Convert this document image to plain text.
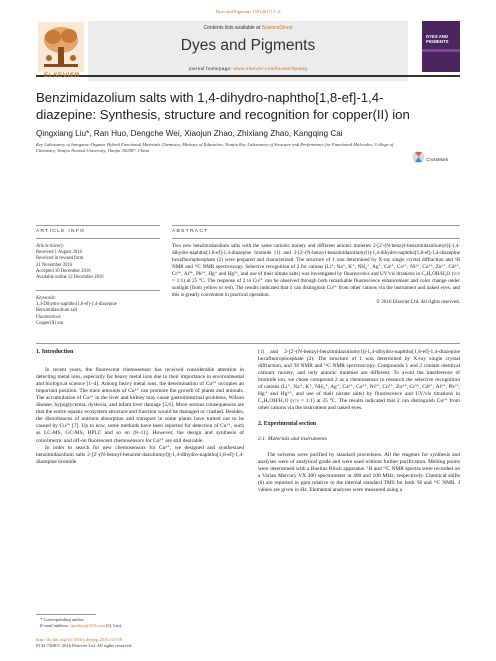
Dyes and Pigments 139 (2017) 1–6
Contents lists available at ScienceDirect
Dyes and Pigments
journal homepage: www.elsevier.com/locate/dyepig
ELSEVIER
DYES AND PIGMENTS
Benzimidazolium salts with 1,4-dihydro-naphtho[1,8-ef]-1,4-diazepine: Synthesis, structure and recognition for copper(II) ion
CrossMark
Qingxiang Liu*, Ran Huo, Dengche Wei, Xiaojun Zhao, Zhixiang Zhao, Kangqing Cai
Key Laboratory of Inorganic-Organic Hybrid Functional Materials Chemistry, Ministry of Education, Tianjin Key Laboratory of Structure and Performance for Functional Molecules, College of Chemistry, Tianjin Normal University, Tianjin 300387, China
ARTICLE INFO	ABSTRACT
Article history:
Received 1 August 2016
Received in revised form
21 November 2016
Accepted 10 December 2016
Available online 12 December 2016
Keywords:
1,4-Dihydro-naphtho[1,8-ef]-1,4-diazepine
Benzimidazolium salt
Fluorescence
Copper(II) ion
Two new benzimidazolium salts with the same cationic moiety and different anionic moieties 2-[2′-(N-benzyl-benzimidazoliumyl)]-1,4-dihydro-naphtho[1,8-ef]-1,4-diazepine bromide (1) and 2-[2′-(N-benzyl-benzimidazoliumyl)]-1,4-dihydro-naphtho[1,8-ef]-1,4-diazepine hexafluorophosphate (2) were prepared and characterized. The structure of 1 was determined by X-ray single crystal diffraction and ¹H NMR and ¹³C NMR spectroscopy. Selective recognition of 2 for cations (Li⁺, Na⁺, K⁺, NH₄⁺, Ag⁺, Ca²⁺, Co²⁺, Ni²⁺, Cu²⁺, Zn²⁺, Cd²⁺, Cr³⁺, Al³⁺, Pb²⁺, Hg⁺ and Hg²⁺, and use of their nitrate salts) was investigated by fluorescence and UV/vis titrations in C₂H₅OH/H₂O (v:v = 1:1) at 25 °C. The response of 2 to Cu²⁺ can be observed through both remarkable fluorescence enhancement and color change under sunlight (from yellow to red). The results indicated that 2 can distinguish Cu²⁺ from other cations via the instrument and naked eyes, and this is greatly convenient in practical operation.
© 2016 Elsevier Ltd. All rights reserved.
1. Introduction

In recent years, the fluorescent chemosensor has received considerable attention in detecting metal ions, especially for heavy metal ions due to their importance in environmental and biological science [1–4]. Among heavy metal ions, the determination of Cu²⁺ occupies an important position. The trace amounts of Cu²⁺ can promote the growth of plants and animals. The accumulation of Cu²⁺ in the liver and kidney may cause gastrointestinal problems, Wilson disease, hypoglycemia, dyslexia, and infant liver damage [5,6]. More serious consequences are that the entire aquatic ecosystem structure and function would be damaged or crashed. Besides, the disturbances of nutrient absorption and transport in some plants have turned out to be caused by Cu²⁺ [7]. Up to now, some methods have been reported for detection of Cu²⁺, such as LC-MS, GC-MS, HPLC and so on [8–11]. However, the design and synthesis of colorimetric and off-on fluorescent chemosensors for Cu²⁺ are still desirable.

In order to search for new chemosensors for Cu²⁺, we designed and synthesized benzimidazolium salts 2-[2′-(N-benzyl-benzimi-dazoliumyl)]-1,4-dihydro-naphtho[1,8-ef]-1,4-diazepine bromide

* Corresponding author.
E-mail address: tjnuliqx@163.com (Q. Liu).
http://dx.doi.org/10.1016/j.dyepig.2016.12.018
0143-7208/© 2016 Elsevier Ltd. All rights reserved.

(1) and 2-[2′-(N-benzyl-benzimidazoliumyl)]-1,4-dihydro-naphtho[1,8-ef]-1,4-diazepine hexafluorophosphate (2). The structure of 1 was determined by X-ray single crystal diffraction, and ¹H NMR and ¹³C NMR spectroscopy. Compounds 1 and 2 contain identical cationic moiety, and only anionic moieties are different. To avoid the interference of bromide ion, we chose compound 2 as a chemosensor to research the selective recognition of cations (Li⁺, Na⁺, K⁺, NH₄⁺, Ag⁺, Ca²⁺, Co²⁺, Ni²⁺, Cu²⁺, Zn²⁺, Cr³⁺, Cd²⁺, Al³⁺, Pb²⁺, Hg⁺ and Hg²⁺, and use of their nitrate salts) by fluorescence and UV/vis titrations in C₂H₅OH/H₂O (v:v = 1:1) at 25 °C. The results indicated that 2 can distinguish Cu²⁺ from other cations via the instrument and naked eyes.

2. Experimental section
2.1. Materials and instruments

The solvents were purified by standard procedures. All the reagents for synthesis and analyses were of analytical grade and were used without further purification. Melting points were determined with a Boetius Block apparatus. ¹H and ¹³C NMR spectra were recorded on a Varian Mercury VX 400 spectrometer at 400 and 100 MHz, respectively. Chemical shifts (δ) are reported in ppm relative to the internal standard TMS for both ¹H and ¹³C NMR. J values are given in Hz. Elemental analyses were measured using a
